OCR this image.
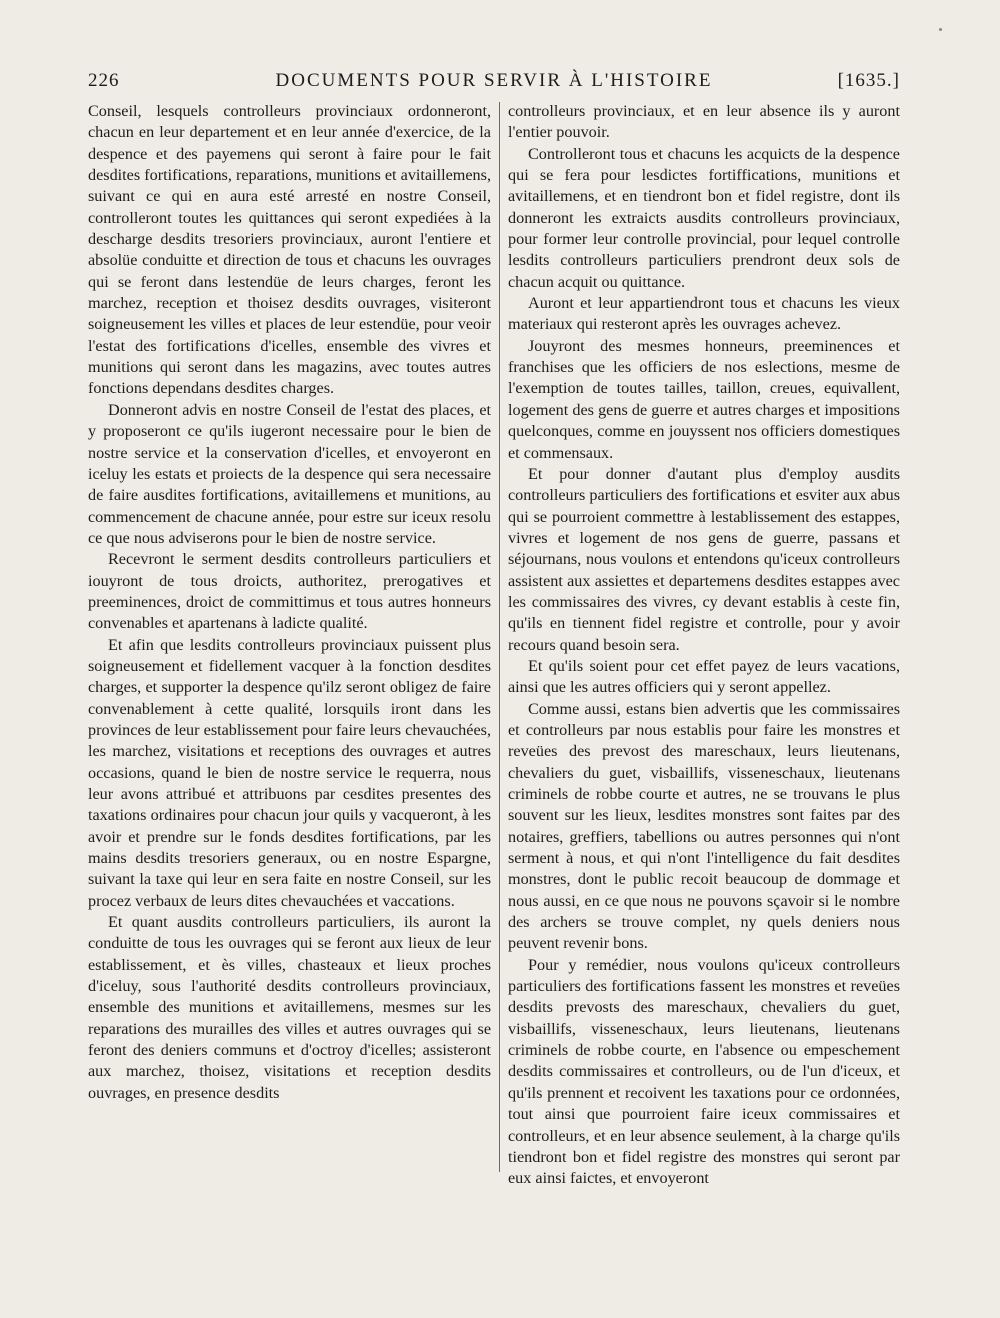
226	DOCUMENTS POUR SERVIR À L'HISTOIRE	[1635.]

Conseil, lesquels controlleurs provinciaux ordonneront, chacun en leur departement et en leur année d'exercice, de la despence et des payemens qui seront à faire pour le fait desdites fortifications, reparations, munitions et avitaillemens, suivant ce qui en aura esté arresté en nostre Conseil, controlleront toutes les quittances qui seront expediées à la descharge desdits tresoriers provinciaux, auront l'entiere et absolüe conduitte et direction de tous et chacuns les ouvrages qui se feront dans lestendüe de leurs charges, feront les marchez, reception et thoisez desdits ouvrages, visiteront soigneusement les villes et places de leur estendüe, pour veoir l'estat des fortifications d'icelles, ensemble des vivres et munitions qui seront dans les magazins, avec toutes autres fonctions dependans desdites charges.

Donneront advis en nostre Conseil de l'estat des places, et y proposeront ce qu'ils iugeront necessaire pour le bien de nostre service et la conservation d'icelles, et envoyeront en iceluy les estats et proiects de la despence qui sera necessaire de faire ausdites fortifications, avitaillemens et munitions, au commencement de chacune année, pour estre sur iceux resolu ce que nous adviserons pour le bien de nostre service.

Recevront le serment desdits controlleurs particuliers et iouyront de tous droicts, authoritez, prerogatives et preeminences, droict de committimus et tous autres honneurs convenables et apartenans à ladicte qualité.

Et afin que lesdits controlleurs provinciaux puissent plus soigneusement et fidellement vacquer à la fonction desdites charges, et supporter la despence qu'ilz seront obligez de faire convenablement à cette qualité, lorsquils iront dans les provinces de leur establissement pour faire leurs chevauchées, les marchez, visitations et receptions des ouvrages et autres occasions, quand le bien de nostre service le requerra, nous leur avons attribué et attribuons par cesdites presentes des taxations ordinaires pour chacun jour quils y vacqueront, à les avoir et prendre sur le fonds desdites fortifications, par les mains desdits tresoriers generaux, ou en nostre Espargne, suivant la taxe qui leur en sera faite en nostre Conseil, sur les procez verbaux de leurs dites chevauchées et vaccations.

Et quant ausdits controlleurs particuliers, ils auront la conduitte de tous les ouvrages qui se feront aux lieux de leur establissement, et ès villes, chasteaux et lieux proches d'iceluy, sous l'authorité desdits controlleurs provinciaux, ensemble des munitions et avitaillemens, mesmes sur les reparations des murailles des villes et autres ouvrages qui se feront des deniers communs et d'octroy d'icelles; assisteront aux marchez, thoisez, visitations et reception desdits ouvrages, en presence desdits

controlleurs provinciaux, et en leur absence ils y auront l'entier pouvoir.

Controlleront tous et chacuns les acquicts de la despence qui se fera pour lesdictes fortiffications, munitions et avitaillemens, et en tiendront bon et fidel registre, dont ils donneront les extraicts ausdits controlleurs provinciaux, pour former leur controlle provincial, pour lequel controlle lesdits controlleurs particuliers prendront deux sols de chacun acquit ou quittance.

Auront et leur appartiendront tous et chacuns les vieux materiaux qui resteront après les ouvrages achevez.

Jouyront des mesmes honneurs, preeminences et franchises que les officiers de nos eslections, mesme de l'exemption de toutes tailles, taillon, creues, equivallent, logement des gens de guerre et autres charges et impositions quelconques, comme en jouyssent nos officiers domestiques et commensaux.

Et pour donner d'autant plus d'employ ausdits controlleurs particuliers des fortifications et esviter aux abus qui se pourroient commettre à lestablissement des estappes, vivres et logement de nos gens de guerre, passans et séjournans, nous voulons et entendons qu'iceux controlleurs assistent aux assiettes et departemens desdites estappes avec les commissaires des vivres, cy devant establis à ceste fin, qu'ils en tiennent fidel registre et controlle, pour y avoir recours quand besoin sera.

Et qu'ils soient pour cet effet payez de leurs vacations, ainsi que les autres officiers qui y seront appellez.

Comme aussi, estans bien advertis que les commissaires et controlleurs par nous establis pour faire les monstres et reveües des prevost des mareschaux, leurs lieutenans, chevaliers du guet, visbaillifs, visseneschaux, lieutenans criminels de robbe courte et autres, ne se trouvans le plus souvent sur les lieux, lesdites monstres sont faites par des notaires, greffiers, tabellions ou autres personnes qui n'ont serment à nous, et qui n'ont l'intelligence du fait desdites monstres, dont le public recoit beaucoup de dommage et nous aussi, en ce que nous ne pouvons sçavoir si le nombre des archers se trouve complet, ny quels deniers nous peuvent revenir bons.

Pour y remédier, nous voulons qu'iceux controlleurs particuliers des fortifications fassent les monstres et reveües desdits prevosts des mareschaux, chevaliers du guet, visbaillifs, visseneschaux, leurs lieutenans, lieutenans criminels de robbe courte, en l'absence ou empeschement desdits commissaires et controlleurs, ou de l'un d'iceux, et qu'ils prennent et recoivent les taxations pour ce ordonnées, tout ainsi que pourroient faire iceux commissaires et controlleurs, et en leur absence seulement, à la charge qu'ils tiendront bon et fidel registre des monstres qui seront par eux ainsi faictes, et envoyeront
